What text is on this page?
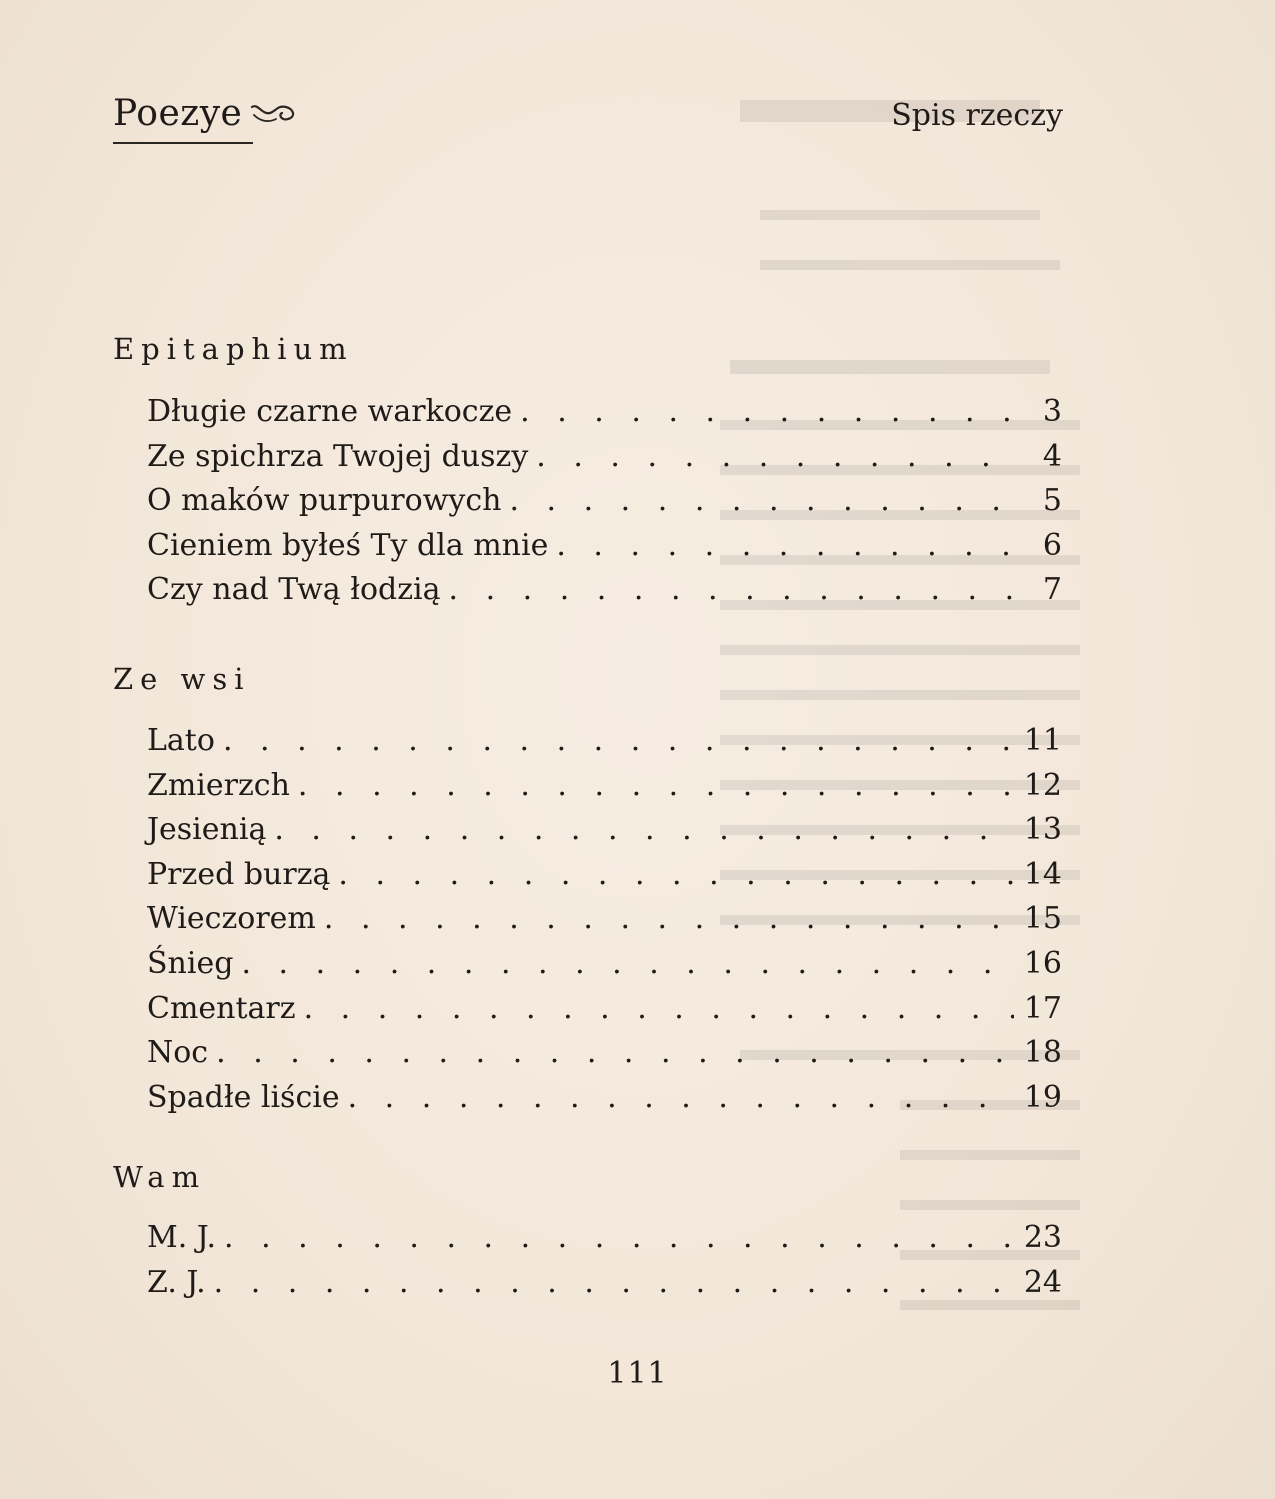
Poezye	Spis rzeczy
Epitaphium
Długie czarne warkocze . . .	3
Ze spichrza Twojej duszy . . .	4
O maków purpurowych . . .	5
Cieniem byłeś Ty dla mnie . . .	6
Czy nad Twą łodzią . . .	7
Ze wsi
Lato . . .	11
Zmierzch . . .	12
Jesienią . . .	13
Przed burzą . . .	14
Wieczorem . . .	15
Śnieg . . .	16
Cmentarz . . .	17
Noc . . .	18
Spadłe liście . . .	19
Wam
M. J. . . .	23
Z. J. . . .	24
111
